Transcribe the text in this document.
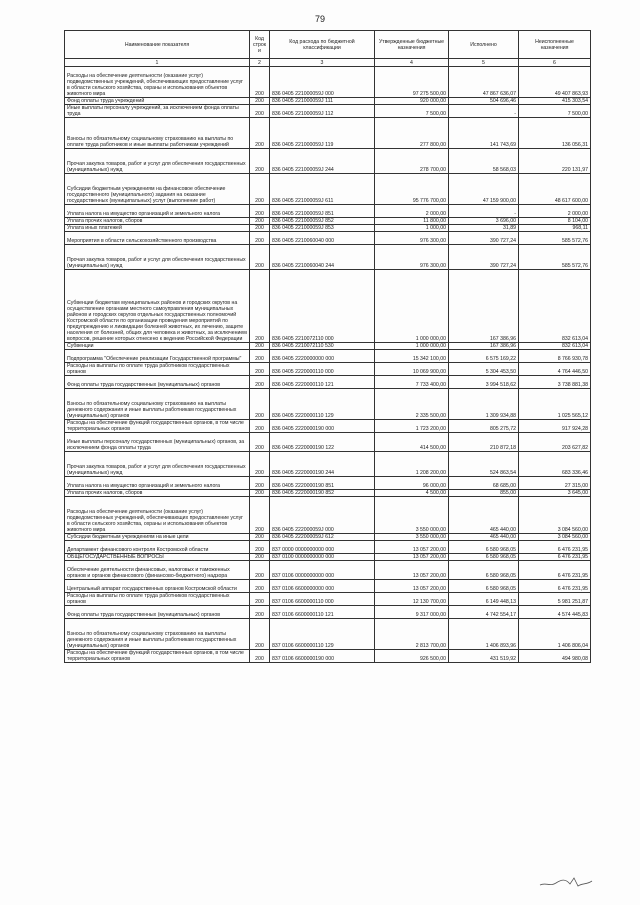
79
Наименование показателя	Код строк и	Код расхода по бюджетной классификации	Утвержденные бюджетные назначения	Исполнено	Неисполненные назначения
1	2	3	4	5	6
Расходы на обеспечение деятельности (оказание услуг) подведомственных учреждений, обеспечивающих предоставление услуг в области сельского хозяйства, охраны и использования объектов животного мира	200	836 0405 221000059J 000	97 275 500,00	47 867 636,07	49 407 863,93
Фонд оплаты труда учреждений	200	836 0405 221000059J 111	920 000,00	504 696,46	415 303,54
Иные выплаты персоналу учреждений, за исключением фонда оплаты труда	200	836 0405 221000059J 112	7 500,00	-	7 500,00
Взносы по обязательному социальному страхованию на выплаты по оплате труда работников и иные выплаты работникам учреждений	200	836 0405 221000059J 119	277 800,00	141 743,69	136 056,31
Прочая закупка товаров, работ и услуг для обеспечения государственных (муниципальных) нужд	200	836 0405 221000059J 244	278 700,00	58 568,03	220 131,97
Субсидии бюджетным учреждениям на финансовое обеспечение государственного (муниципального) задания на оказание государственных (муниципальных) услуг (выполнение работ)	200	836 0405 221000059J 611	95 776 700,00	47 159 900,00	48 617 600,00
Уплата налога на имущество организаций и земельного налога	200	836 0405 221000059J 851	2 000,00	-	2 000,00
Уплата прочих налогов, сборов	200	836 0405 221000059J 852	11 800,00	3 696,00	8 104,00
Уплата иных платежей	200	836 0405 221000059J 853	1 000,00	31,89	968,11
Мероприятия в области сельскохозяйственного производства	200	836 0405 2210060040 000	976 300,00	390 727,24	585 572,76
Прочая закупка товаров, работ и услуг для обеспечения государственных (муниципальных) нужд	200	836 0405 2210060040 244	976 300,00	390 727,24	585 572,76
Субвенции бюджетам муниципальных районов и городских округов на осуществление органами местного самоуправления муниципальных районов и городских округов отдельных государственных полномочий Костромской области по организации проведения мероприятий по предупреждению и ликвидации болезней животных, их лечению, защите населения от болезней, общих для человека и животных, за исключением вопросов, решение которых отнесено к ведению Российской Федерации	200	836 0405 2210072110 000	1 000 000,00	167 386,96	832 613,04
Субвенции	200	836 0405 2210072110 530	1 000 000,00	167 386,96	832 613,04
Подпрограмма "Обеспечение реализации Государственной программы"	200	836 0405 2220000000 000	15 342 100,00	6 575 169,22	8 766 930,78
Расходы на выплаты по оплате труда работников государственных органов	200	836 0405 2220000110 000	10 069 900,00	5 304 453,50	4 764 446,50
Фонд оплаты труда государственных (муниципальных) органов	200	836 0405 2220000110 121	7 733 400,00	3 994 518,62	3 738 881,38
Взносы по обязательному социальному страхованию на выплаты денежного содержания и иные выплаты работникам государственных (муниципальных) органов	200	836 0405 2220000110 129	2 335 500,00	1 309 934,88	1 025 565,12
Расходы на обеспечение функций государственных органов, в том числе территориальных органов	200	836 0405 2220000190 000	1 723 200,00	805 275,72	917 924,28
Иные выплаты персоналу государственных (муниципальных) органов, за исключением фонда оплаты труда	200	836 0405 2220000190 122	414 500,00	210 872,18	203 627,82
Прочая закупка товаров, работ и услуг для обеспечения государственных (муниципальных) нужд	200	836 0405 2220000190 244	1 208 200,00	524 863,54	683 336,46
Уплата налога на имущество организаций и земельного налога	200	836 0405 2220000190 851	96 000,00	68 685,00	27 315,00
Уплата прочих налогов, сборов	200	836 0405 2220000190 852	4 500,00	855,00	3 645,00
Расходы на обеспечение деятельности (оказание услуг) подведомственных учреждений, обеспечивающих предоставление услуг в области сельского хозяйства, охраны и использования объектов животного мира	200	836 0405 222000059J 000	3 550 000,00	465 440,00	3 084 560,00
Субсидии бюджетным учреждениям на иные цели	200	836 0405 222000059J 612	3 550 000,00	465 440,00	3 084 560,00
Департамент финансового контроля Костромской области	200	837 0000 0000000000 000	13 057 200,00	6 580 968,05	6 476 231,95
ОБЩЕГОСУДАРСТВЕННЫЕ ВОПРОСЫ	200	837 0100 0000000000 000	13 057 200,00	6 580 968,05	6 476 231,95
Обеспечение деятельности финансовых, налоговых и таможенных органов и органов финансового (финансово-бюджетного) надзора	200	837 0106 0000000000 000	13 057 200,00	6 580 968,05	6 476 231,95
Центральный аппарат государственных органов Костромской области	200	837 0106 6600000000 000	13 057 200,00	6 580 968,05	6 476 231,95
Расходы на выплаты по оплате труда работников государственных органов	200	837 0106 6600000110 000	12 130 700,00	6 149 448,13	5 981 251,87
Фонд оплаты труда государственных (муниципальных) органов	200	837 0106 6600000110 121	9 317 000,00	4 742 554,17	4 574 445,83
Взносы по обязательному социальному страхованию на выплаты денежного содержания и иные выплаты работникам государственных (муниципальных) органов	200	837 0106 6600000110 129	2 813 700,00	1 406 893,96	1 406 806,04
Расходы на обеспечение функций государственных органов, в том числе территориальных органов	200	837 0106 6600000190 000	926 500,00	431 519,92	494 980,08
